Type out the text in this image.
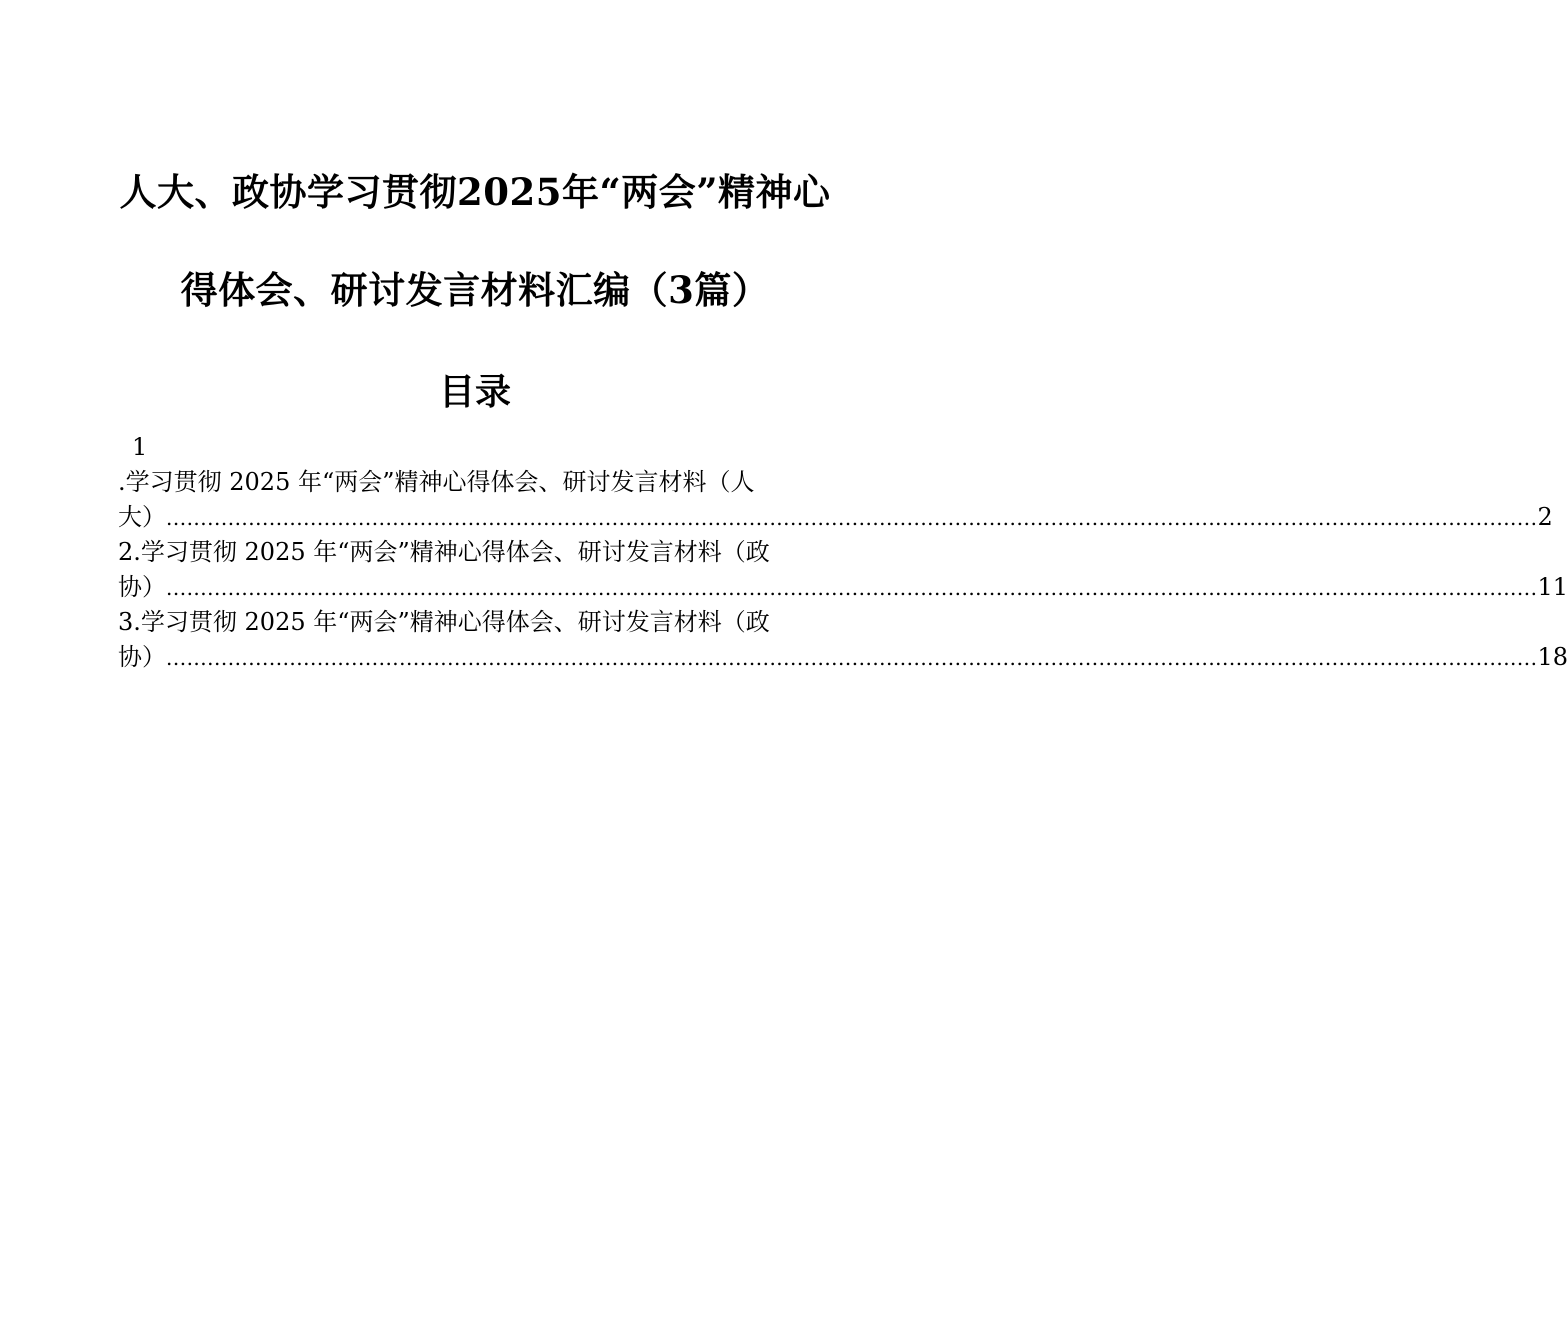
人大、政协学习贯彻2025年“两会”精神心
得体会、研讨发言材料汇编（3篇）
目录
1
.学习贯彻 2025 年“两会”精神心得体会、研讨发言材料（人
大） ........................................................................................................................................................................................................ 2
2.学习贯彻 2025 年“两会”精神心得体会、研讨发言材料（政
协） ........................................................................................................................................................................................................ 11
3.学习贯彻 2025 年“两会”精神心得体会、研讨发言材料（政
协） ........................................................................................................................................................................................................ 18
